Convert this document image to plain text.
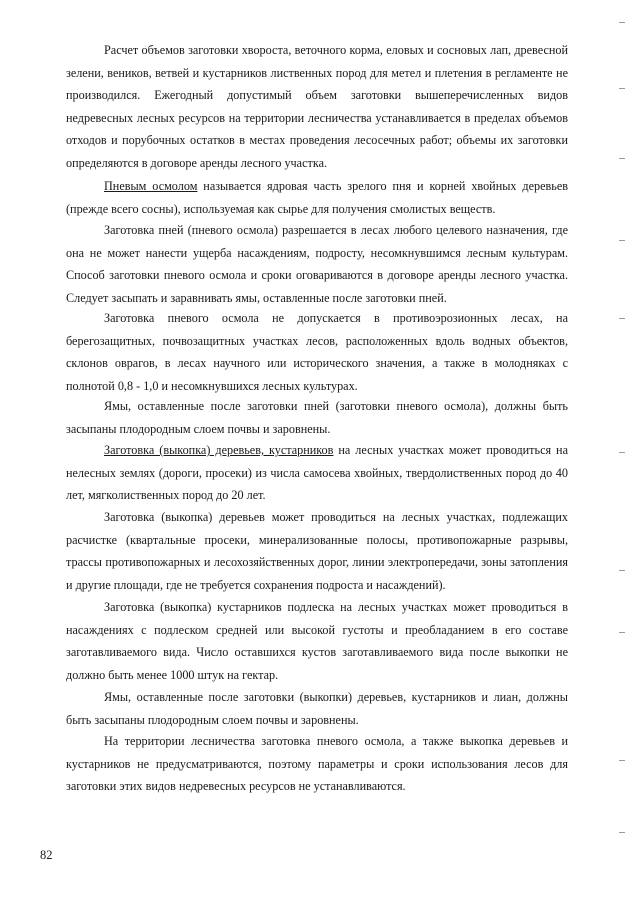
Расчет объемов заготовки хвороста, веточного корма, еловых и сосновых лап, древесной зелени, веников, ветвей и кустарников лиственных пород для метел и плетения в регламенте не производился. Ежегодный допустимый объем заготовки вышеперечисленных видов недревесных лесных ресурсов на территории лесничества устанавливается в пределах объемов отходов и порубочных остатков в местах проведения лесосечных работ; объемы их заготовки определяются в договоре аренды лесного участка.

Пневым осмолом называется ядровая часть зрелого пня и корней хвойных деревьев (прежде всего сосны), используемая как сырье для получения смолистых веществ.

Заготовка пней (пневого осмола) разрешается в лесах любого целевого назначения, где она не может нанести ущерба насаждениям, подросту, несомкнувшимся лесным культурам. Способ заготовки пневого осмола и сроки оговариваются в договоре аренды лесного участка. Следует засыпать и заравнивать ямы, оставленные после заготовки пней.

Заготовка пневого осмола не допускается в противоэрозионных лесах, на берегозащитных, почвозащитных участках лесов, расположенных вдоль водных объектов, склонов оврагов, в лесах научного или исторического значения, а также в молодняках с полнотой 0,8 - 1,0 и несомкнувшихся лесных культурах.

Ямы, оставленные после заготовки пней (заготовки пневого осмола), должны быть засыпаны плодородным слоем почвы и заровнены.

Заготовка (выкопка) деревьев, кустарников на лесных участках может проводиться на нелесных землях (дороги, просеки) из числа самосева хвойных, твердолиственных пород до 40 лет, мягколиственных пород до 20 лет.

Заготовка (выкопка) деревьев может проводиться на лесных участках, подлежащих расчистке (квартальные просеки, минерализованные полосы, противопожарные разрывы, трассы противопожарных и лесохозяйственных дорог, линии электропередачи, зоны затопления и другие площади, где не требуется сохранения подроста и насаждений).

Заготовка (выкопка) кустарников подлеска на лесных участках может проводиться в насаждениях с подлеском средней или высокой густоты и преобладанием в его составе заготавливаемого вида. Число оставшихся кустов заготавливаемого вида после выкопки не должно быть менее 1000 штук на гектар.

Ямы, оставленные после заготовки (выкопки) деревьев, кустарников и лиан, должны быть засыпаны плодородным слоем почвы и заровнены.

На территории лесничества заготовка пневого осмола, а также выкопка деревьев и кустарников не предусматриваются, поэтому параметры и сроки использования лесов для заготовки этих видов недревесных ресурсов не устанавливаются.

82
